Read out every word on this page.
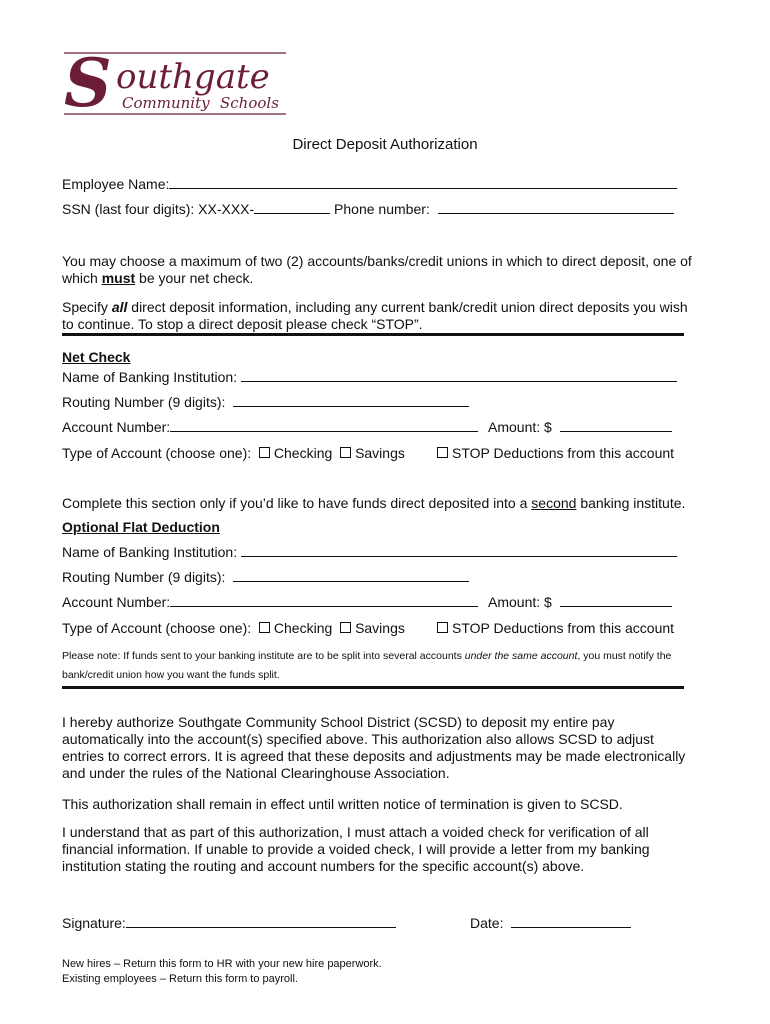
S outhgate
Community Schools
Direct Deposit Authorization
Employee Name:
SSN (last four digits): XX-XXX-	Phone number:
You may choose a maximum of two (2) accounts/banks/credit unions in which to direct deposit, one of which must be your net check.
Specify all direct deposit information, including any current bank/credit union direct deposits you wish to continue. To stop a direct deposit please check “STOP”.
Net Check
Name of Banking Institution:
Routing Number (9 digits):
Account Number:	Amount: $
Type of Account (choose one): Checking Savings	STOP Deductions from this account
Complete this section only if you’d like to have funds direct deposited into a second banking institute.
Optional Flat Deduction
Name of Banking Institution:
Routing Number (9 digits):
Account Number:	Amount: $
Type of Account (choose one): Checking Savings	STOP Deductions from this account
Please note: If funds sent to your banking institute are to be split into several accounts under the same account, you must notify the bank/credit union how you want the funds split.
I hereby authorize Southgate Community School District (SCSD) to deposit my entire pay automatically into the account(s) specified above. This authorization also allows SCSD to adjust entries to correct errors. It is agreed that these deposits and adjustments may be made electronically and under the rules of the National Clearinghouse Association.
This authorization shall remain in effect until written notice of termination is given to SCSD.
I understand that as part of this authorization, I must attach a voided check for verification of all financial information. If unable to provide a voided check, I will provide a letter from my banking institution stating the routing and account numbers for the specific account(s) above.
Signature:	Date:
New hires – Return this form to HR with your new hire paperwork.
Existing employees – Return this form to payroll.
